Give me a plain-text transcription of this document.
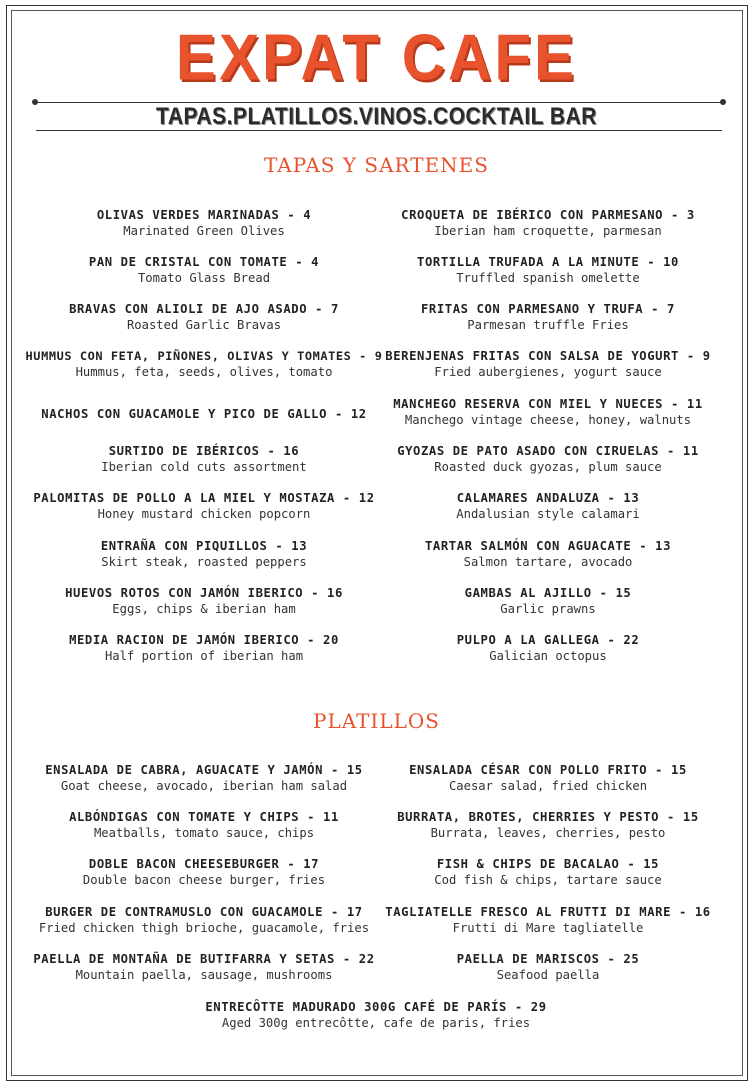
EXPAT CAFE
TAPAS.PLATILLOS.VINOS.COCKTAIL BAR
TAPAS Y SARTENES
OLIVAS VERDES MARINADAS - 4
Marinated Green Olives
PAN DE CRISTAL CON TOMATE - 4
Tomato Glass Bread
BRAVAS CON ALIOLI DE AJO ASADO - 7
Roasted Garlic Bravas
HUMMUS CON FETA, PIÑONES, OLIVAS Y TOMATES - 9
Hummus, feta, seeds, olives, tomato
NACHOS CON GUACAMOLE Y PICO DE GALLO - 12
SURTIDO DE IBÉRICOS - 16
Iberian cold cuts assortment
PALOMITAS DE POLLO A LA MIEL Y MOSTAZA - 12
Honey mustard chicken popcorn
ENTRAÑA CON PIQUILLOS - 13
Skirt steak, roasted peppers
HUEVOS ROTOS CON JAMÓN IBERICO - 16
Eggs, chips & iberian ham
MEDIA RACION DE JAMÓN IBERICO - 20
Half portion of iberian ham
CROQUETA DE IBÉRICO CON PARMESANO - 3
Iberian ham croquette, parmesan
TORTILLA TRUFADA A LA MINUTE - 10
Truffled spanish omelette
FRITAS CON PARMESANO Y TRUFA - 7
Parmesan truffle Fries
BERENJENAS FRITAS CON SALSA DE YOGURT - 9
Fried aubergienes, yogurt sauce
MANCHEGO RESERVA CON MIEL Y NUECES - 11
Manchego vintage cheese, honey, walnuts
GYOZAS DE PATO ASADO CON CIRUELAS - 11
Roasted duck gyozas, plum sauce
CALAMARES ANDALUZA - 13
Andalusian style calamari
TARTAR SALMÓN CON AGUACATE - 13
Salmon tartare, avocado
GAMBAS AL AJILLO - 15
Garlic prawns
PULPO A LA GALLEGA - 22
Galician octopus
PLATILLOS
ENSALADA DE CABRA, AGUACATE Y JAMÓN - 15
Goat cheese, avocado, iberian ham salad
ALBÓNDIGAS CON TOMATE Y CHIPS - 11
Meatballs, tomato sauce, chips
DOBLE BACON CHEESEBURGER - 17
Double bacon cheese burger, fries
BURGER DE CONTRAMUSLO CON GUACAMOLE - 17
Fried chicken thigh brioche, guacamole, fries
PAELLA DE MONTAÑA DE BUTIFARRA Y SETAS - 22
Mountain paella, sausage, mushrooms
ENSALADA CÉSAR CON POLLO FRITO - 15
Caesar salad, fried chicken
BURRATA, BROTES, CHERRIES Y PESTO - 15
Burrata, leaves, cherries, pesto
FISH & CHIPS DE BACALAO - 15
Cod fish & chips, tartare sauce
TAGLIATELLE FRESCO AL FRUTTI DI MARE - 16
Frutti di Mare tagliatelle
PAELLA DE MARISCOS - 25
Seafood paella
ENTRECÔTTE MADURADO 300G CAFÉ DE PARÍS - 29
Aged 300g entrecôtte, cafe de paris, fries
